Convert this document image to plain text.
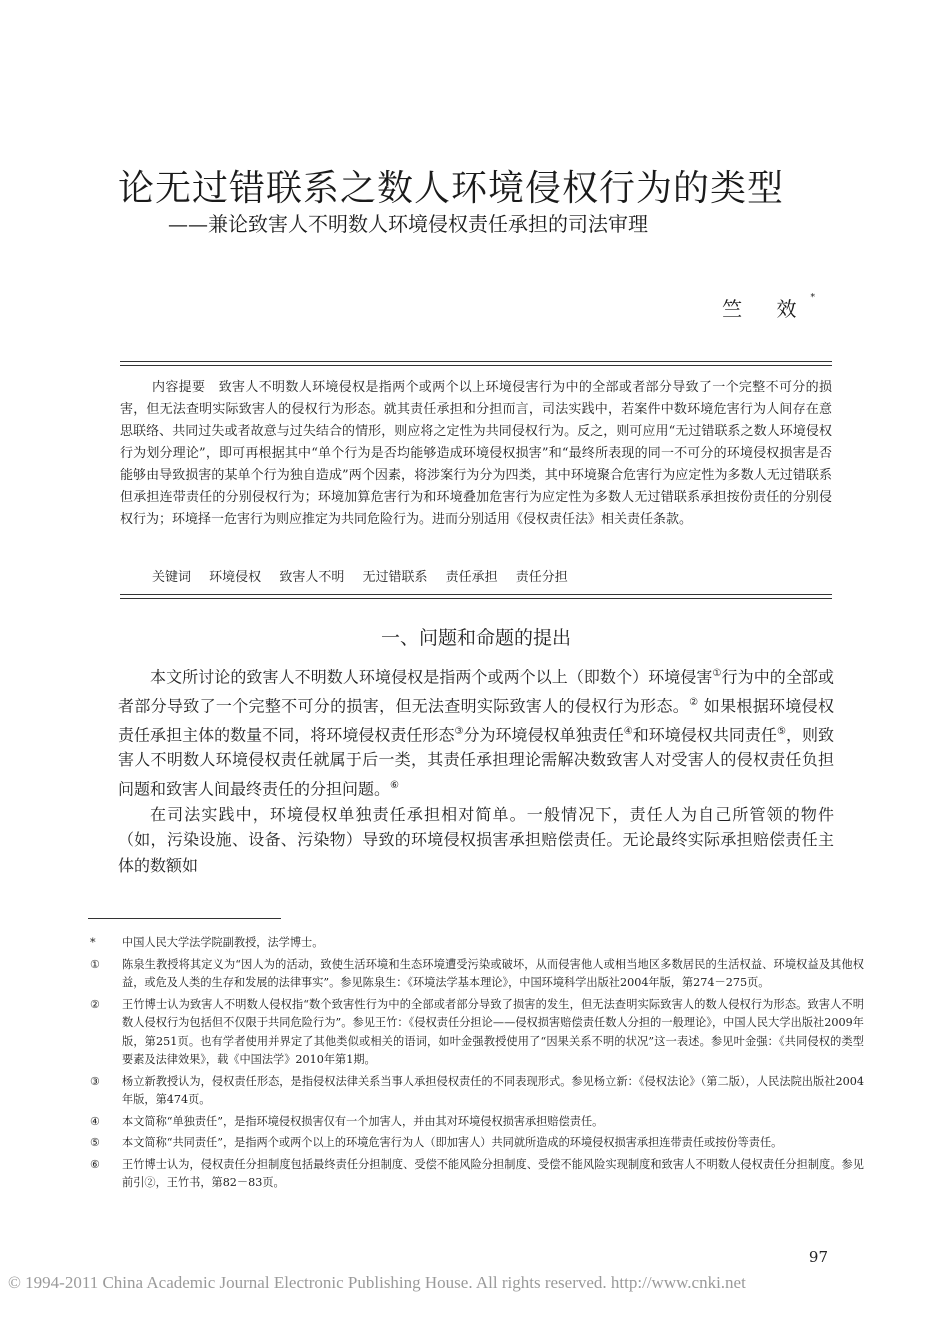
论无过错联系之数人环境侵权行为的类型
——兼论致害人不明数人环境侵权责任承担的司法审理
竺 效*

内容提要　 致害人不明数人环境侵权是指两个或两个以上环境侵害行为中的全部或者部分导致了一个完整不可分的损害，但无法查明实际致害人的侵权行为形态。就其责任承担和分担而言，司法实践中，若案件中数环境危害行为人间存在意思联络、共同过失或者故意与过失结合的情形，则应将之定性为共同侵权行为。反之，则可应用“无过错联系之数人环境侵权行为划分理论”，即可再根据其中“单个行为是否均能够造成环境侵权损害”和“最终所表现的同一不可分的环境侵权损害是否能够由导致损害的某单个行为独自造成”两个因素，将涉案行为分为四类，其中环境聚合危害行为应定性为多数人无过错联系但承担连带责任的分别侵权行为；环境加算危害行为和环境叠加危害行为应定性为多数人无过错联系承担按份责任的分别侵权行为；环境择一危害行为则应推定为共同危险行为。进而分别适用《侵权责任法》相关责任条款。

关键词 环境侵权 致害人不明 无过错联系 责任承担 责任分担
一、问题和命题的提出

本文所讨论的致害人不明数人环境侵权是指两个或两个以上（即数个）环境侵害①行为中的全部或者部分导致了一个完整不可分的损害，但无法查明实际致害人的侵权行为形态。② 如果根据环境侵权责任承担主体的数量不同，将环境侵权责任形态③分为环境侵权单独责任④和环境侵权共同责任⑤，则致害人不明数人环境侵权责任就属于后一类，其责任承担理论需解决数致害人对受害人的侵权责任负担问题和致害人间最终责任的分担问题。⑥

在司法实践中，环境侵权单独责任承担相对简单。一般情况下，责任人为自己所管领的物件（如，污染设施、设备、污染物）导致的环境侵权损害承担赔偿责任。无论最终实际承担赔偿责任主体的数额如

*	中国人民大学法学院副教授，法学博士。
①	陈泉生教授将其定义为“因人为的活动，致使生活环境和生态环境遭受污染或破坏，从而侵害他人或相当地区多数居民的生活权益、环境权益及其他权益，或危及人类的生存和发展的法律事实”。参见陈泉生：《环境法学基本理论》，中国环境科学出版社2004年版，第274－275页。
②	王竹博士认为致害人不明数人侵权指“数个致害性行为中的全部或者部分导致了损害的发生，但无法查明实际致害人的数人侵权行为形态。致害人不明数人侵权行为包括但不仅限于共同危险行为”。参见王竹：《侵权责任分担论——侵权损害赔偿责任数人分担的一般理论》，中国人民大学出版社2009年版，第251页。也有学者使用并界定了其他类似或相关的语词，如叶金强教授使用了“因果关系不明的状况”这一表述。参见叶金强：《共同侵权的类型要素及法律效果》，载《中国法学》2010年第1期。
③	杨立新教授认为，侵权责任形态，是指侵权法律关系当事人承担侵权责任的不同表现形式。参见杨立新：《侵权法论》（第二版），人民法院出版社2004年版，第474页。
④	本文简称“单独责任”，是指环境侵权损害仅有一个加害人，并由其对环境侵权损害承担赔偿责任。
⑤	本文简称“共同责任”，是指两个或两个以上的环境危害行为人（即加害人）共同就所造成的环境侵权损害承担连带责任或按份等责任。
⑥	王竹博士认为，侵权责任分担制度包括最终责任分担制度、受偿不能风险分担制度、受偿不能风险实现制度和致害人不明数人侵权责任分担制度。参见前引②，王竹书，第82－83页。
97
© 1994-2011 China Academic Journal Electronic Publishing House. All rights reserved. http://www.cnki.net
